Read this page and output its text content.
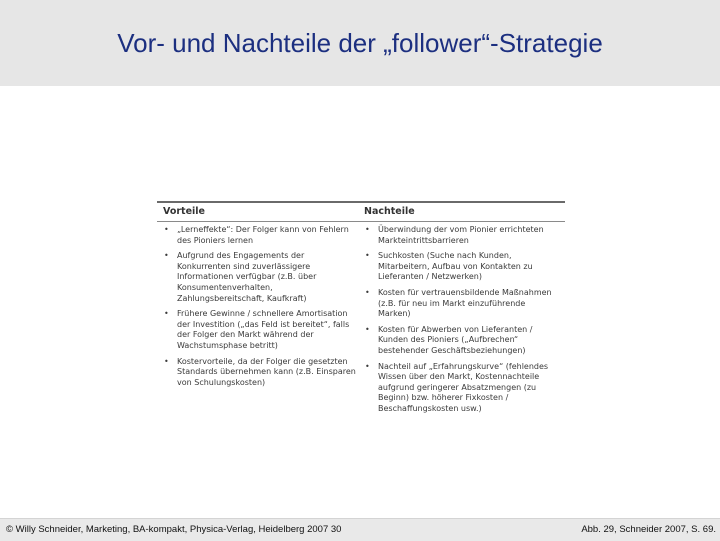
Vor- und Nachteile der „follower“-Strategie
Vorteile	Nachteile
• „Lerneffekte“: Der Folger kann von Fehlern des Pioniers lernen
• Aufgrund des Engagements der Konkurrenten sind zuverlässigere Informationen verfügbar (z.B. über Konsumentenverhalten, Zahlungsbereitschaft, Kaufkraft)
• Frühere Gewinne / schnellere Amortisation der Investition („das Feld ist bereitet“, falls der Folger den Markt während der Wachstumsphase betritt)
• Kostervorteile, da der Folger die gesetzten Standards übernehmen kann (z.B. Einsparen von Schulungskosten)
• Überwindung der vom Pionier errichteten Markteintrittsbarrieren
• Suchkosten (Suche nach Kunden, Mitarbeitern, Aufbau von Kontakten zu Lieferanten / Netzwerken)
• Kosten für vertrauensbildende Maßnahmen (z.B. für neu im Markt einzuführende Marken)
• Kosten für Abwerben von Lieferanten / Kunden des Pioniers („Aufbrechen“ bestehender Geschäftsbeziehungen)
• Nachteil auf „Erfahrungskurve“ (fehlendes Wissen über den Markt, Kostennachteile aufgrund geringerer Absatzmengen (zu Beginn) bzw. höherer Fixkosten / Beschaffungskosten usw.)
© Willy Schneider, Marketing, BA-kompakt, Physica-Verlag, Heidelberg 2007 30	Abb. 29, Schneider 2007, S. 69.
